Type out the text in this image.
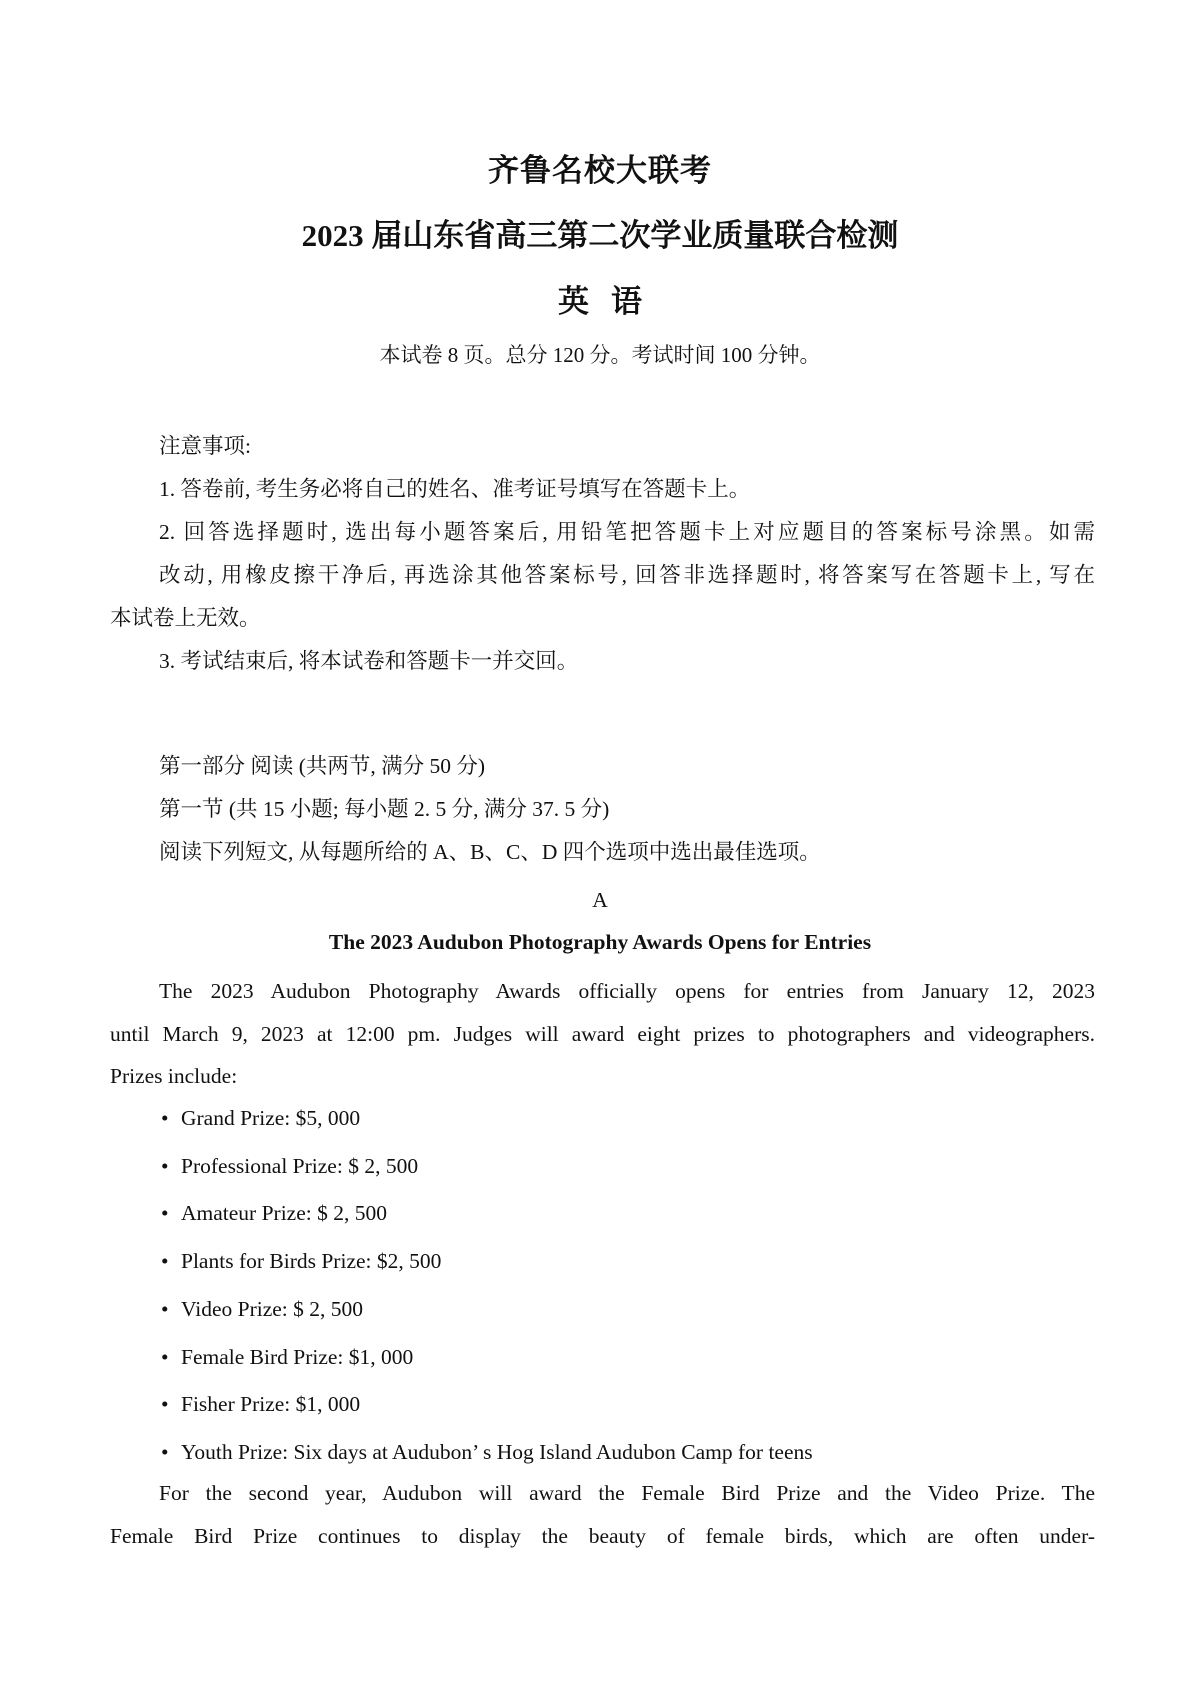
齐鲁名校大联考
2023 届山东省高三第二次学业质量联合检测
英语
本试卷 8 页。总分 120 分。考试时间 100 分钟。
注意事项:
1. 答卷前, 考生务必将自己的姓名、准考证号填写在答题卡上。
2. 回答选择题时, 选出每小题答案后, 用铅笔把答题卡上对应题目的答案标号涂黑。如需
改动, 用橡皮擦干净后, 再选涂其他答案标号, 回答非选择题时, 将答案写在答题卡上, 写在
本试卷上无效。
3. 考试结束后, 将本试卷和答题卡一并交回。
第一部分 阅读 (共两节, 满分 50 分)
第一节 (共 15 小题; 每小题 2. 5 分, 满分 37. 5 分)
阅读下列短文, 从每题所给的 A、B、C、D 四个选项中选出最佳选项。
A
The 2023 Audubon Photography Awards Opens for Entries
The 2023 Audubon Photography Awards officially opens for entries from January 12, 2023
until March 9, 2023 at 12:00 pm. Judges will award eight prizes to photographers and videographers.
Prizes include:
• Grand Prize: $5, 000
• Professional Prize: $ 2, 500
• Amateur Prize: $ 2, 500
• Plants for Birds Prize: $2, 500
• Video Prize: $ 2, 500
• Female Bird Prize: $1, 000
• Fisher Prize: $1, 000
• Youth Prize: Six days at Audubon’ s Hog Island Audubon Camp for teens
For the second year, Audubon will award the Female Bird Prize and the Video Prize. The
Female Bird Prize continues to display the beauty of female birds, which are often under-
